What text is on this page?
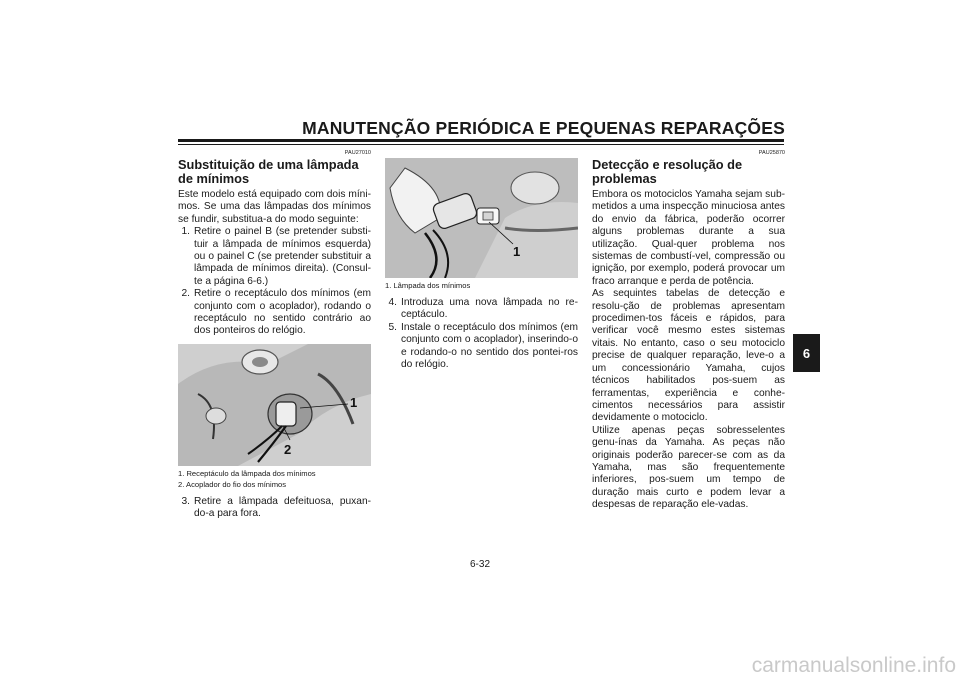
MANUTENÇÃO PERIÓDICA E PEQUENAS REPARAÇÕES
PAU27010
Substituição de uma lâmpada de mínimos

Este modelo está equipado com dois míni-mos. Se uma das lâmpadas dos mínimos se fundir, substitua-a do modo seguinte:

1. Retire o painel B (se pretender substi-tuir a lâmpada de mínimos esquerda) ou o painel C (se pretender substituir a lâmpada de mínimos direita). (Consul-te a página 6-6.)
2. Retire o receptáculo dos mínimos (em conjunto com o acoplador), rodando o receptáculo no sentido contrário ao dos ponteiros do relógio.
1
2
1. Receptáculo da lâmpada dos mínimos
2. Acoplador do fio dos mínimos
3. Retire a lâmpada defeituosa, puxan-do-a para fora.
1
1. Lâmpada dos mínimos
4. Introduza uma nova lâmpada no re-ceptáculo.
5. Instale o receptáculo dos mínimos (em conjunto com o acoplador), inserindo-o e rodando-o no sentido dos pontei-ros do relógio.
PAU25870
Detecção e resolução de problemas

Embora os motociclos Yamaha sejam sub-metidos a uma inspecção minuciosa antes do envio da fábrica, poderão ocorrer alguns problemas durante a sua utilização. Qual-quer problema nos sistemas de combustí-vel, compressão ou ignição, por exemplo, poderá provocar um fraco arranque e perda de potência.

As sequintes tabelas de detecção e resolu-ção de problemas apresentam procedimen-tos fáceis e rápidos, para verificar você mesmo estes sistemas vitais. No entanto, caso o seu motociclo precise de qualquer reparação, leve-o a um concessionário Yamaha, cujos técnicos habilitados pos-suem as ferramentas, experiência e conhe-cimentos necessários para assistir devidamente o motociclo.

Utilize apenas peças sobresselentes genu-ínas da Yamaha. As peças não originais poderão parecer-se com as da Yamaha, mas são frequentemente inferiores, pos-suem um tempo de duração mais curto e podem levar a despesas de reparação ele-vadas.

6
6-32
carmanualsonline.info
